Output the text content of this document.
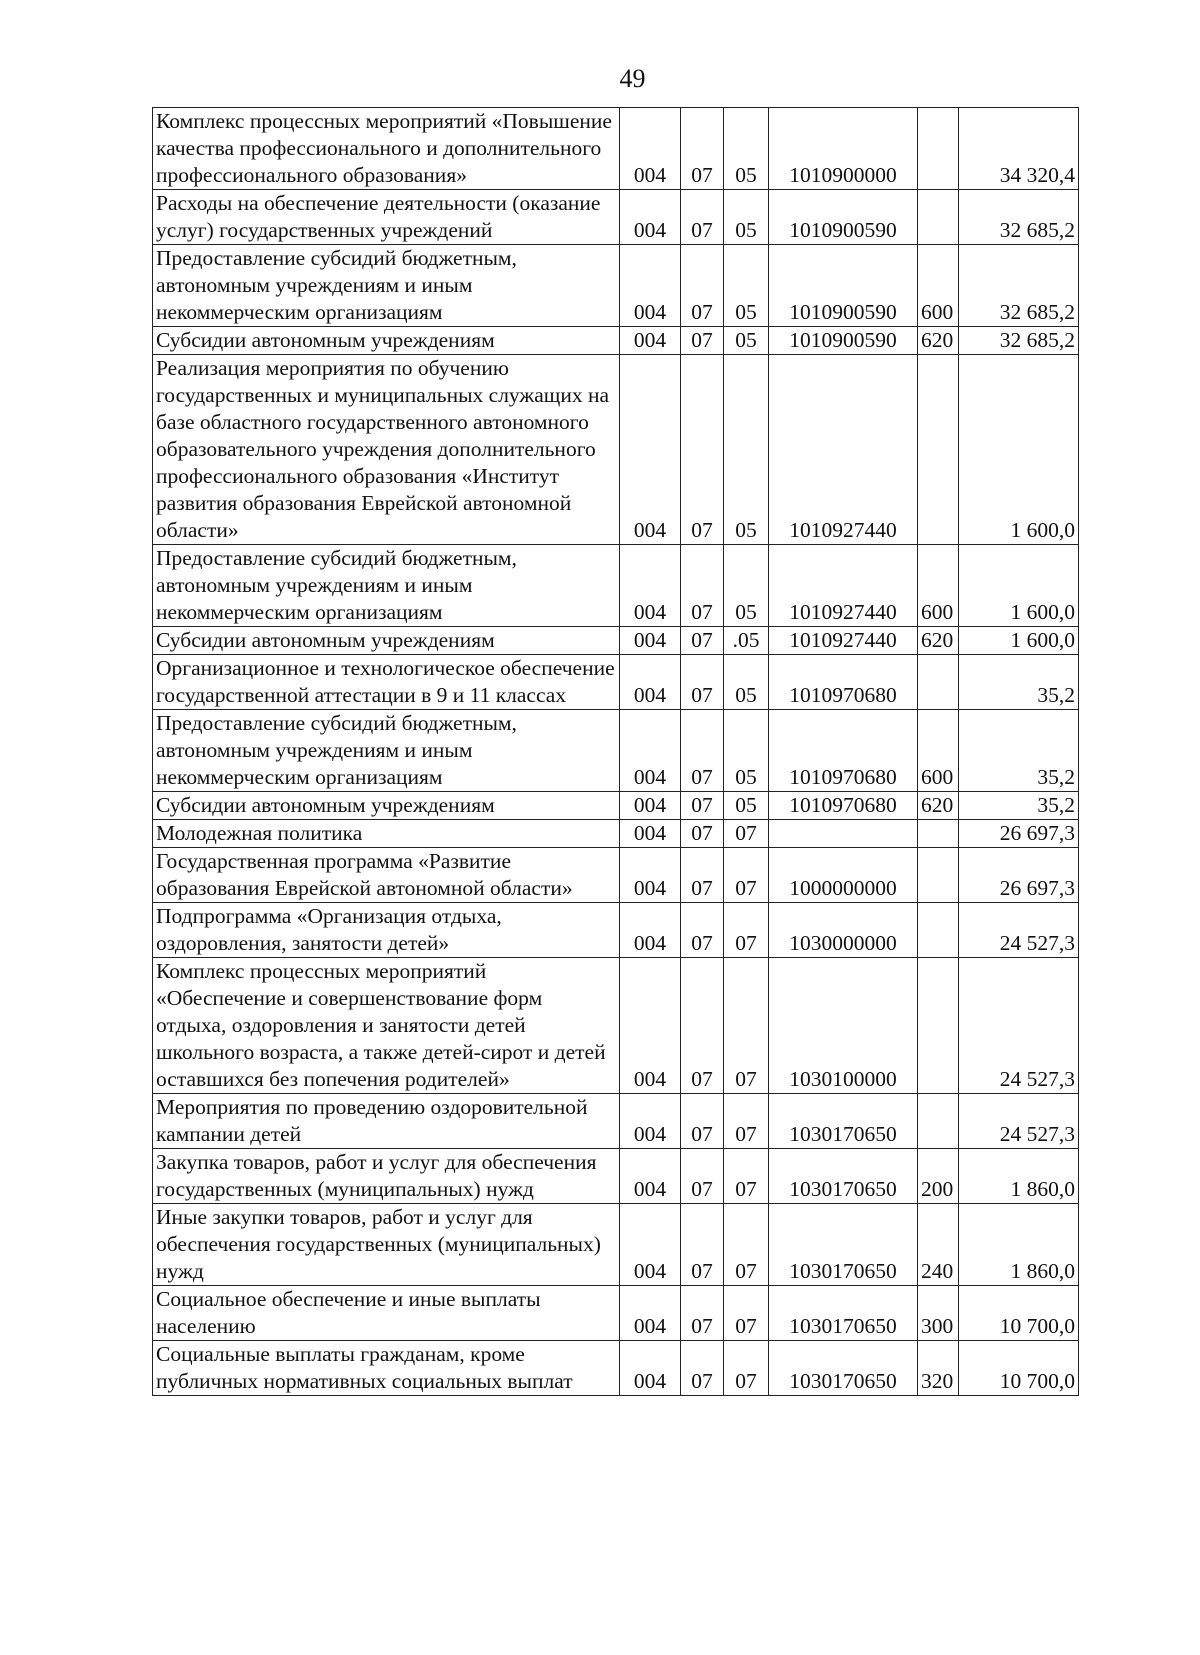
49
Комплекс процессных мероприятий «Повышение качества профессионального и дополнительного профессионального образования»	004	07	05	1010900000		34 320,4
Расходы на обеспечение деятельности (оказание услуг) государственных учреждений	004	07	05	1010900590		32 685,2
Предоставление субсидий бюджетным, автономным учреждениям и иным некоммерческим организациям	004	07	05	1010900590	600	32 685,2
Субсидии автономным учреждениям	004	07	05	1010900590	620	32 685,2
Реализация мероприятия по обучению государственных и муниципальных служащих на базе областного государственного автономного образовательного учреждения дополнительного профессионального образования «Институт развития образования Еврейской автономной области»	004	07	05	1010927440		1 600,0
Предоставление субсидий бюджетным, автономным учреждениям и иным некоммерческим организациям	004	07	05	1010927440	600	1 600,0
Субсидии автономным учреждениям	004	07	.05	1010927440	620	1 600,0
Организационное и технологическое обеспечение государственной аттестации в 9 и 11 классах	004	07	05	1010970680		35,2
Предоставление субсидий бюджетным, автономным учреждениям и иным некоммерческим организациям	004	07	05	1010970680	600	35,2
Субсидии автономным учреждениям	004	07	05	1010970680	620	35,2
Молодежная политика	004	07	07			26 697,3
Государственная программа «Развитие образования Еврейской автономной области»	004	07	07	1000000000		26 697,3
Подпрограмма «Организация отдыха, оздоровления, занятости детей»	004	07	07	1030000000		24 527,3
Комплекс процессных мероприятий «Обеспечение и совершенствование форм отдыха, оздоровления и занятости детей школьного возраста, а также детей-сирот и детей оставшихся без попечения родителей»	004	07	07	1030100000		24 527,3
Мероприятия по проведению оздоровительной кампании детей	004	07	07	1030170650		24 527,3
Закупка товаров, работ и услуг для обеспечения государственных (муниципальных) нужд	004	07	07	1030170650	200	1 860,0
Иные закупки товаров, работ и услуг для обеспечения государственных (муниципальных) нужд	004	07	07	1030170650	240	1 860,0
Социальное обеспечение и иные выплаты населению	004	07	07	1030170650	300	10 700,0
Социальные выплаты гражданам, кроме публичных нормативных социальных выплат	004	07	07	1030170650	320	10 700,0
